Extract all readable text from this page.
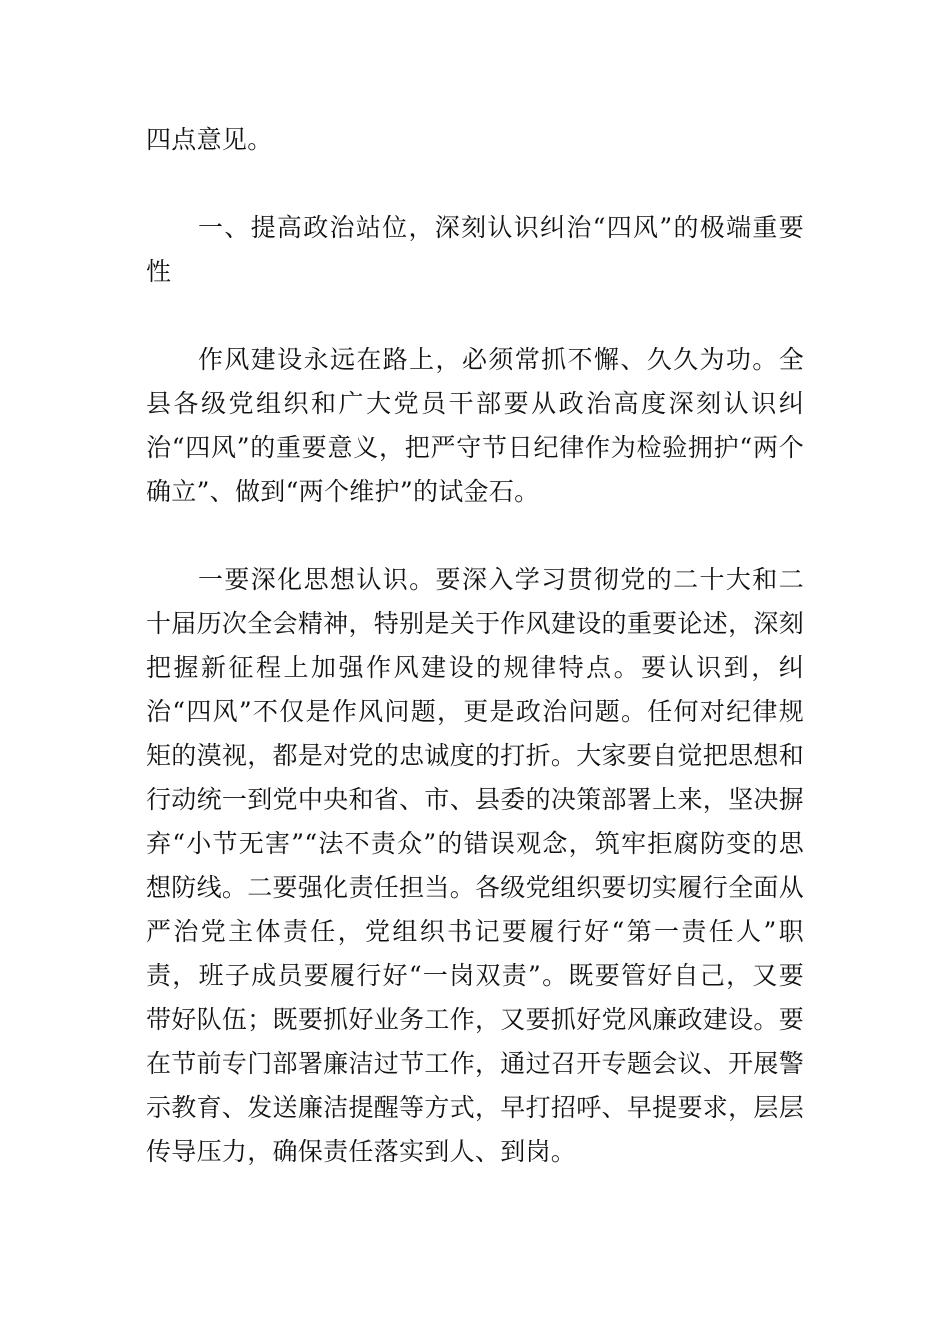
四点意见。

一、提高政治站位，深刻认识纠治“四风”的极端重要性

作风建设永远在路上，必须常抓不懈、久久为功。全县各级党组织和广大党员干部要从政治高度深刻认识纠治“四风”的重要意义，把严守节日纪律作为检验拥护“两个确立”、做到“两个维护”的试金石。

一要深化思想认识。要深入学习贯彻党的二十大和二十届历次全会精神，特别是关于作风建设的重要论述，深刻把握新征程上加强作风建设的规律特点。要认识到，纠治“四风”不仅是作风问题，更是政治问题。任何对纪律规矩的漠视，都是对党的忠诚度的打折。大家要自觉把思想和行动统一到党中央和省、市、县委的决策部署上来，坚决摒弃“小节无害”“法不责众”的错误观念，筑牢拒腐防变的思想防线。二要强化责任担当。各级党组织要切实履行全面从严治党主体责任，党组织书记要履行好“第一责任人”职责，班子成员要履行好“一岗双责”。既要管好自己，又要带好队伍；既要抓好业务工作，又要抓好党风廉政建设。要在节前专门部署廉洁过节工作，通过召开专题会议、开展警示教育、发送廉洁提醒等方式，早打招呼、早提要求，层层传导压力，确保责任落实到人、到岗。
